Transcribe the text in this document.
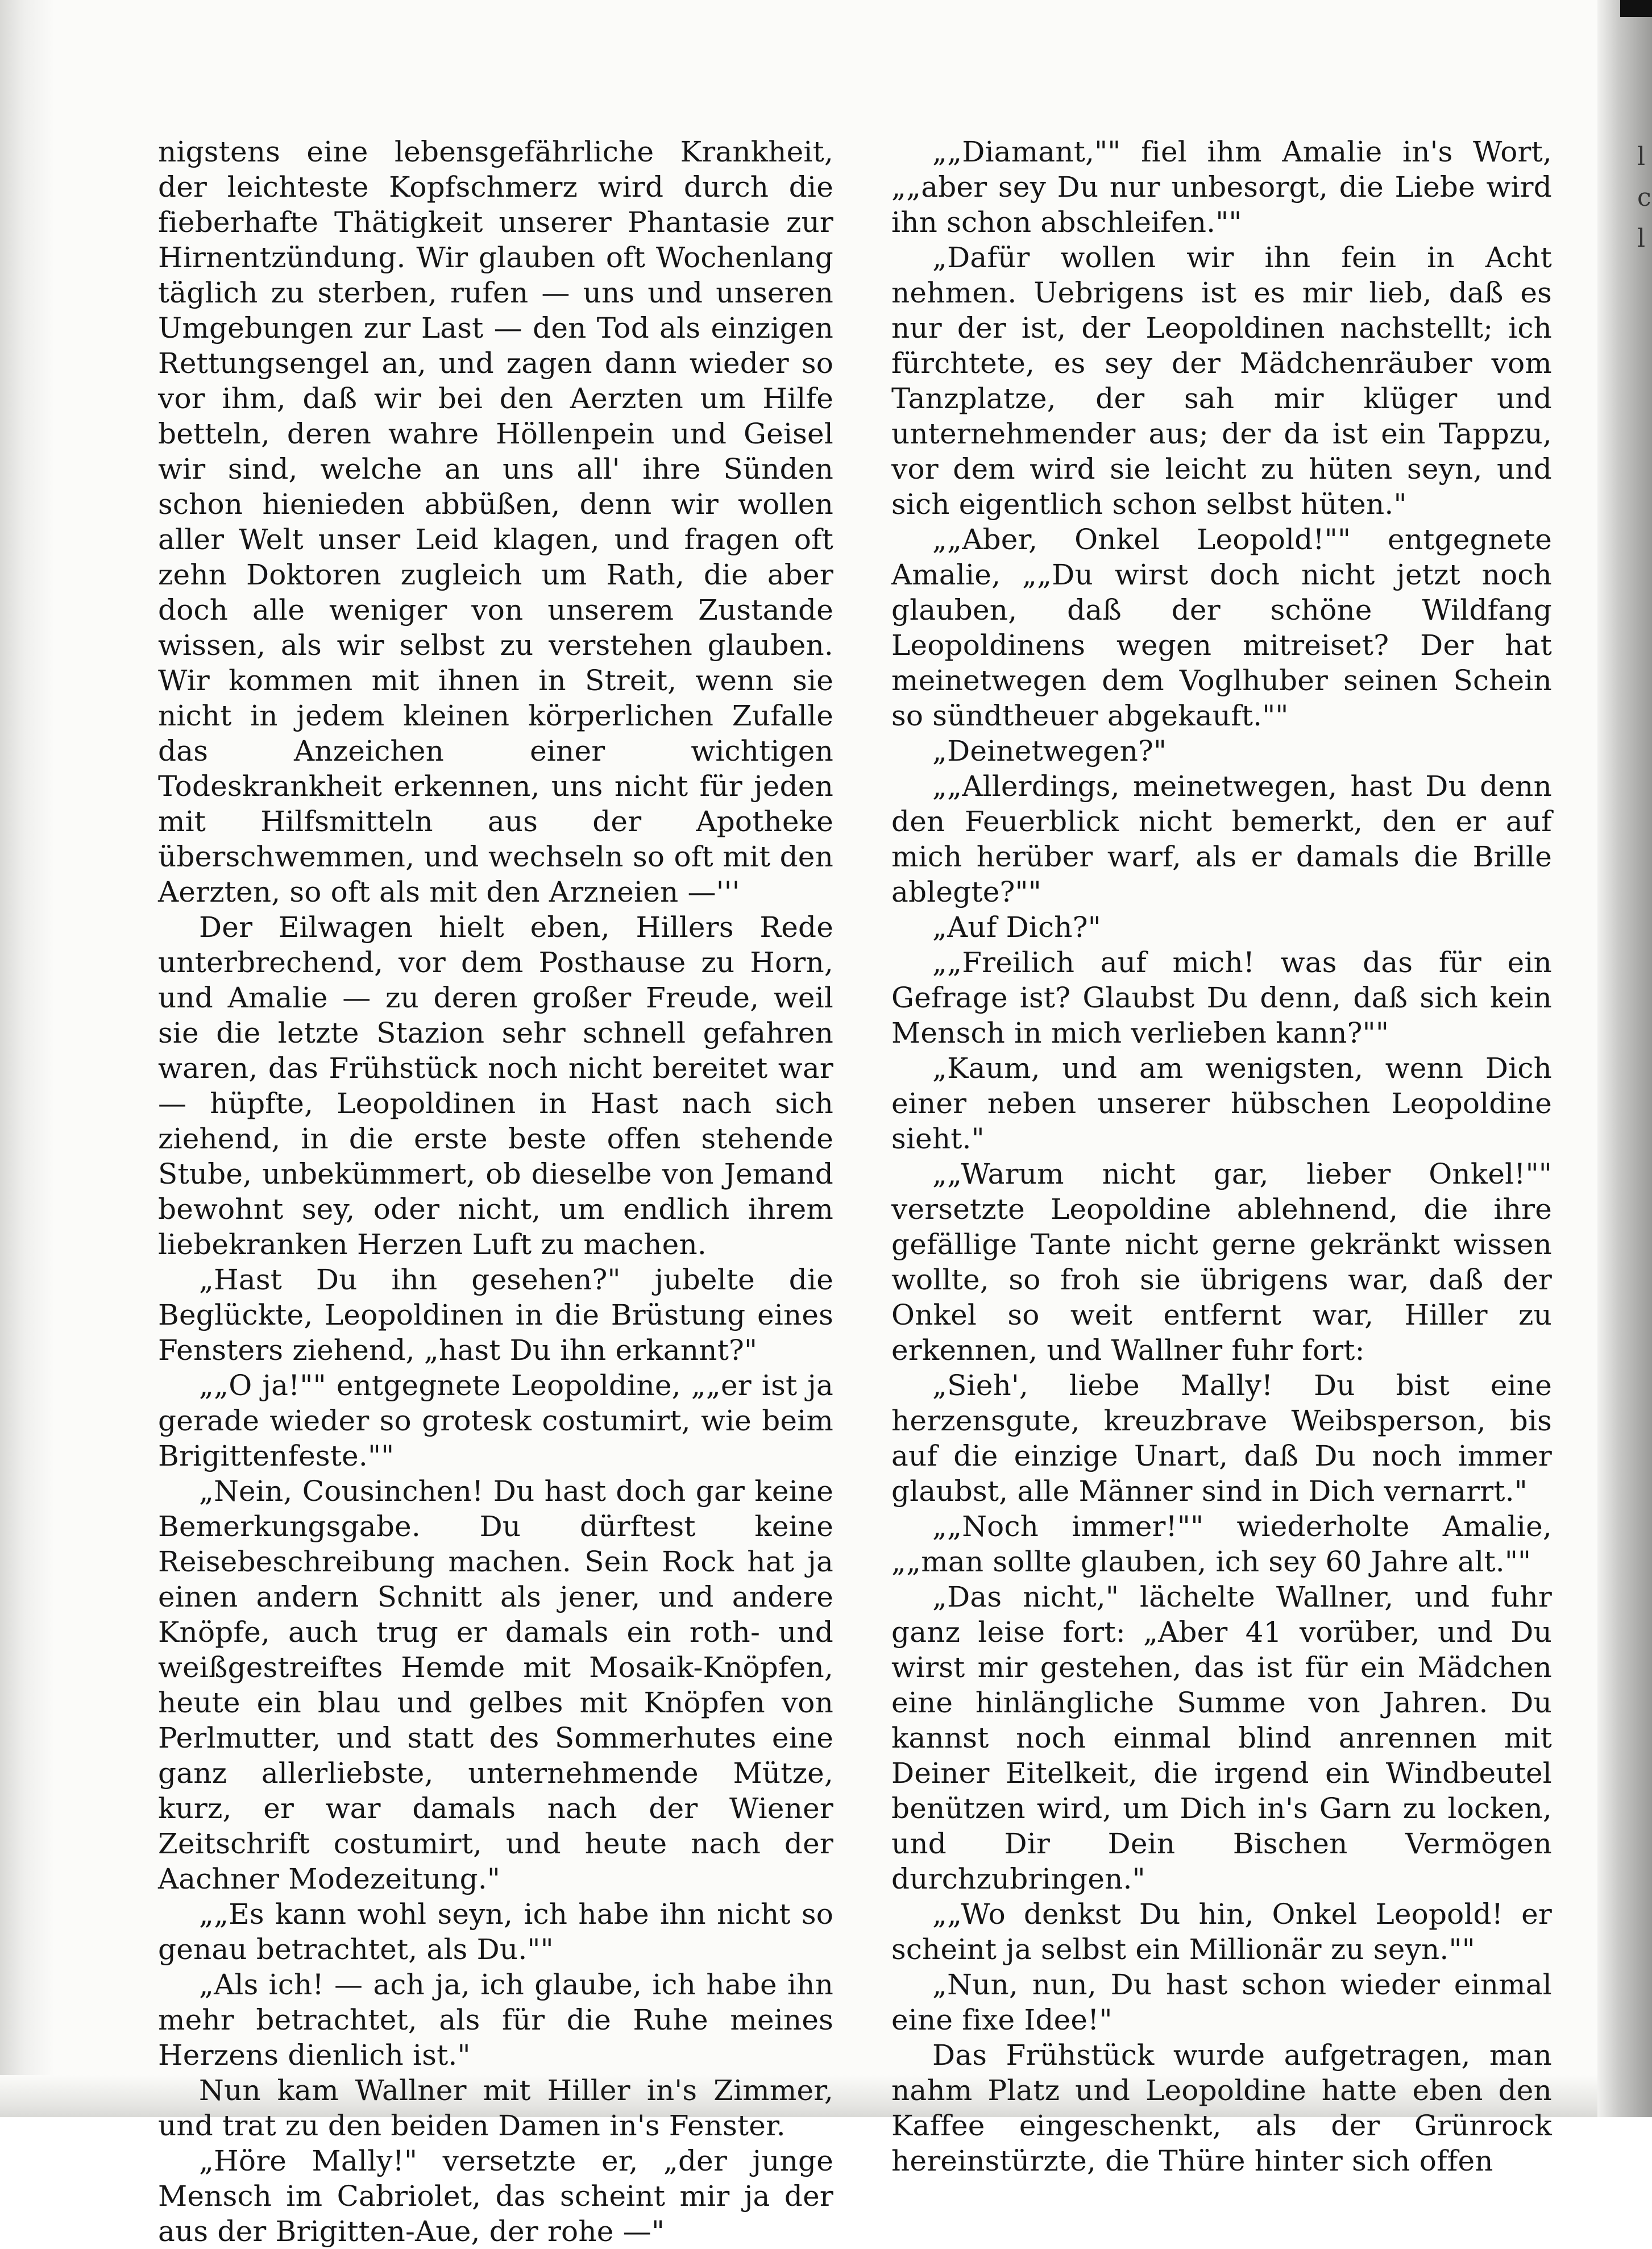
l
c
l

nigstens eine lebensgefährliche Krankheit, der leichteste Kopfschmerz wird durch die fieberhafte Thätigkeit unserer Phantasie zur Hirnentzündung. Wir glauben oft Wochenlang täglich zu sterben, rufen — uns und unseren Umgebungen zur Last — den Tod als einzigen Rettungsengel an, und zagen dann wieder so vor ihm, daß wir bei den Aerzten um Hilfe betteln, deren wahre Höllenpein und Geisel wir sind, welche an uns all' ihre Sünden schon hienieden abbüßen, denn wir wollen aller Welt unser Leid klagen, und fragen oft zehn Doktoren zugleich um Rath, die aber doch alle weniger von unserem Zustande wissen, als wir selbst zu verstehen glauben. Wir kommen mit ihnen in Streit, wenn sie nicht in jedem kleinen körperlichen Zufalle das Anzeichen einer wichtigen Todeskrankheit erkennen, uns nicht für jeden mit Hilfsmitteln aus der Apotheke überschwemmen, und wechseln so oft mit den Aerzten, so oft als mit den Arzneien —'''

Der Eilwagen hielt eben, Hillers Rede unterbrechend, vor dem Posthause zu Horn, und Amalie — zu deren großer Freude, weil sie die letzte Stazion sehr schnell gefahren waren, das Frühstück noch nicht bereitet war — hüpfte, Leopoldinen in Hast nach sich ziehend, in die erste beste offen stehende Stube, unbekümmert, ob dieselbe von Jemand bewohnt sey, oder nicht, um endlich ihrem liebekranken Herzen Luft zu machen.

„Hast Du ihn gesehen?" jubelte die Beglückte, Leopoldinen in die Brüstung eines Fensters ziehend, „hast Du ihn erkannt?"

„„O ja!"" entgegnete Leopoldine, „„er ist ja gerade wieder so grotesk costumirt, wie beim Brigittenfeste.""

„Nein, Cousinchen! Du hast doch gar keine Bemerkungsgabe. Du dürftest keine Reisebeschreibung machen. Sein Rock hat ja einen andern Schnitt als jener, und andere Knöpfe, auch trug er damals ein roth- und weißgestreiftes Hemde mit Mosaik-Knöpfen, heute ein blau und gelbes mit Knöpfen von Perlmutter, und statt des Sommerhutes eine ganz allerliebste, unternehmende Mütze, kurz, er war damals nach der Wiener Zeitschrift costumirt, und heute nach der Aachner Modezeitung."

„„Es kann wohl seyn, ich habe ihn nicht so genau betrachtet, als Du.""

„Als ich! — ach ja, ich glaube, ich habe ihn mehr betrachtet, als für die Ruhe meines Herzens dienlich ist."

Nun kam Wallner mit Hiller in's Zimmer, und trat zu den beiden Damen in's Fenster.

„Höre Mally!" versetzte er, „der junge Mensch im Cabriolet, das scheint mir ja der aus der Brigitten-Aue, der rohe —"

„„Diamant,"" fiel ihm Amalie in's Wort, „„aber sey Du nur unbesorgt, die Liebe wird ihn schon abschleifen.""

„Dafür wollen wir ihn fein in Acht nehmen. Uebrigens ist es mir lieb, daß es nur der ist, der Leopoldinen nachstellt; ich fürchtete, es sey der Mädchenräuber vom Tanzplatze, der sah mir klüger und unternehmender aus; der da ist ein Tappzu, vor dem wird sie leicht zu hüten seyn, und sich eigentlich schon selbst hüten."

„„Aber, Onkel Leopold!"" entgegnete Amalie, „„Du wirst doch nicht jetzt noch glauben, daß der schöne Wildfang Leopoldinens wegen mitreiset? Der hat meinetwegen dem Voglhuber seinen Schein so sündtheuer abgekauft.""

„Deinetwegen?"

„„Allerdings, meinetwegen, hast Du denn den Feuerblick nicht bemerkt, den er auf mich herüber warf, als er damals die Brille ablegte?""

„Auf Dich?"

„„Freilich auf mich! was das für ein Gefrage ist? Glaubst Du denn, daß sich kein Mensch in mich verlieben kann?""

„Kaum, und am wenigsten, wenn Dich einer neben unserer hübschen Leopoldine sieht."

„„Warum nicht gar, lieber Onkel!"" versetzte Leopoldine ablehnend, die ihre gefällige Tante nicht gerne gekränkt wissen wollte, so froh sie übrigens war, daß der Onkel so weit entfernt war, Hiller zu erkennen, und Wallner fuhr fort:

„Sieh', liebe Mally! Du bist eine herzensgute, kreuzbrave Weibsperson, bis auf die einzige Unart, daß Du noch immer glaubst, alle Männer sind in Dich vernarrt."

„„Noch immer!"" wiederholte Amalie, „„man sollte glauben, ich sey 60 Jahre alt.""

„Das nicht," lächelte Wallner, und fuhr ganz leise fort: „Aber 41 vorüber, und Du wirst mir gestehen, das ist für ein Mädchen eine hinlängliche Summe von Jahren. Du kannst noch einmal blind anrennen mit Deiner Eitelkeit, die irgend ein Windbeutel benützen wird, um Dich in's Garn zu locken, und Dir Dein Bischen Vermögen durchzubringen."

„„Wo denkst Du hin, Onkel Leopold! er scheint ja selbst ein Millionär zu seyn.""

„Nun, nun, Du hast schon wieder einmal eine fixe Idee!"

Das Frühstück wurde aufgetragen, man nahm Platz und Leopoldine hatte eben den Kaffee eingeschenkt, als der Grünrock hereinstürzte, die Thüre hinter sich offen
